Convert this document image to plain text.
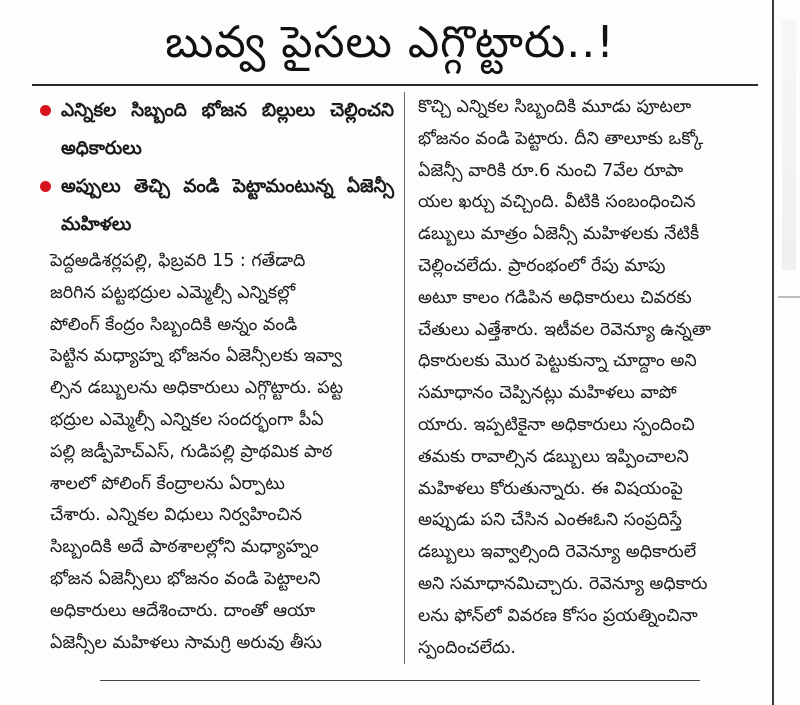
బువ్వ పైసలు ఎగ్గొట్టారు..!
ఎన్నికల సిబ్బంది భోజన బిల్లులు చెల్లించని అధికారులు
అప్పులు తెచ్చి వండి పెట్టామంటున్న ఏజెన్సీ మహిళలు
పెద్దఅడిశర్లపల్లి, ఫిబ్రవరి 15 : గతేడాది
జరిగిన పట్టభద్రుల ఎమ్మెల్సీ ఎన్నికల్లో
పోలింగ్ కేంద్రం సిబ్బందికి అన్నం వండి
పెట్టిన మధ్యాహ్న భోజనం ఏజెన్సీలకు ఇవ్వా
ల్సిన డబ్బులను అధికారులు ఎగ్గొట్టారు. పట్ట
భద్రుల ఎమ్మెల్సీ ఎన్నికల సందర్భంగా పీఏ
పల్లి జడ్పీహెచ్ఎస్, గుడిపల్లి ప్రాథమిక పాఠ
శాలలో పోలింగ్ కేంద్రాలను ఏర్పాటు
చేశారు. ఎన్నికల విధులు నిర్వహించిన
సిబ్బందికి అదే పాఠశాలల్లోని మధ్యాహ్నం
భోజన ఏజెన్సీలు భోజనం వండి పెట్టాలని
అధికారులు ఆదేశించారు. దాంతో ఆయా
ఏజెన్సీల మహిళలు సామగ్రి అరువు తీసు
కొచ్చి ఎన్నికల సిబ్బందికి మూడు పూటలా
భోజనం వండి పెట్టారు. దీని తాలూకు ఒక్కో
ఏజెన్సీ వారికి రూ.6 నుంచి 7వేల రూపా
యల ఖర్చు వచ్చింది. వీటికి సంబంధించిన
డబ్బులు మాత్రం ఏజెన్సీ మహిళలకు నేటికీ
చెల్లించలేదు. ప్రారంభంలో రేపు మాపు
అటూ కాలం గడిపిన అధికారులు చివరకు
చేతులు ఎత్తేశారు. ఇటీవల రెవెన్యూ ఉన్నతా
ధికారులకు మొర పెట్టుకున్నా చూద్దాం అని
సమాధానం చెప్పినట్లు మహిళలు వాపో
యారు. ఇప్పటికైనా అధికారులు స్పందించి
తమకు రావాల్సిన డబ్బులు ఇప్పించాలని
మహిళలు కోరుతున్నారు. ఈ విషయంపై
అప్పుడు పని చేసిన ఎంఈఓని సంప్రదిస్తే
డబ్బులు ఇవ్వాల్సింది రెవెన్యూ అధికారులే
అని సమాధానమిచ్చారు. రెవెన్యూ అధికారు
లను ఫోన్‌లో వివరణ కోసం ప్రయత్నించినా
స్పందించలేదు.
